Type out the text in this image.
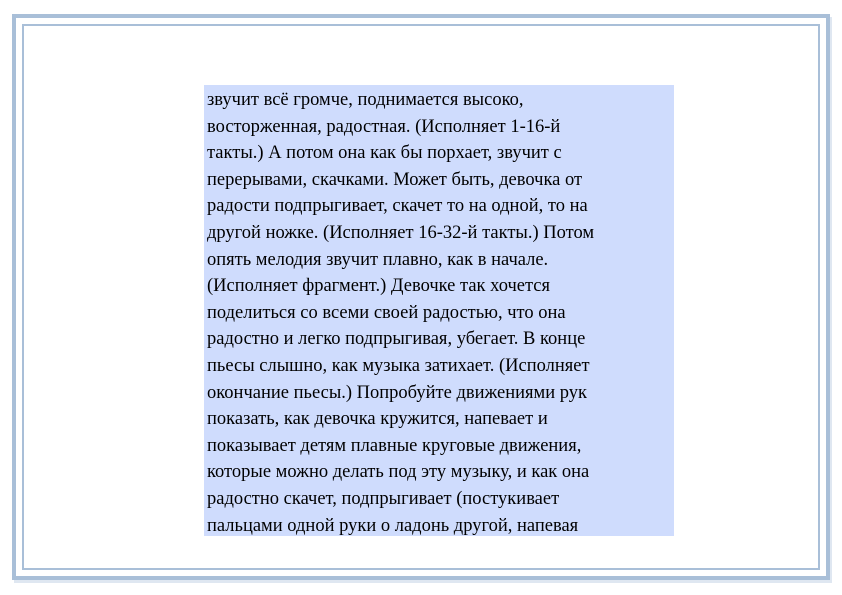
звучит всё громче, поднимается высоко,
восторженная, радостная. (Исполняет 1-16-й
такты.) А потом она как бы порхает, звучит с
перерывами, скачками. Может быть, девочка от
радости подпрыгивает, скачет то на одной, то на
другой ножке. (Исполняет 16-32-й такты.) Потом
опять мелодия звучит плавно, как в начале.
(Исполняет фрагмент.) Девочке так хочется
поделиться со всеми своей радостью, что она
радостно и легко подпрыгивая, убегает. В конце
пьесы слышно, как музыка затихает. (Исполняет
окончание пьесы.) Попробуйте движениями рук
показать, как девочка кружится, напевает и
показывает детям плавные круговые движения,
которые можно делать под эту музыку, и как она
радостно скачет, подпрыгивает (постукивает
пальцами одной руки о ладонь другой, напевая
